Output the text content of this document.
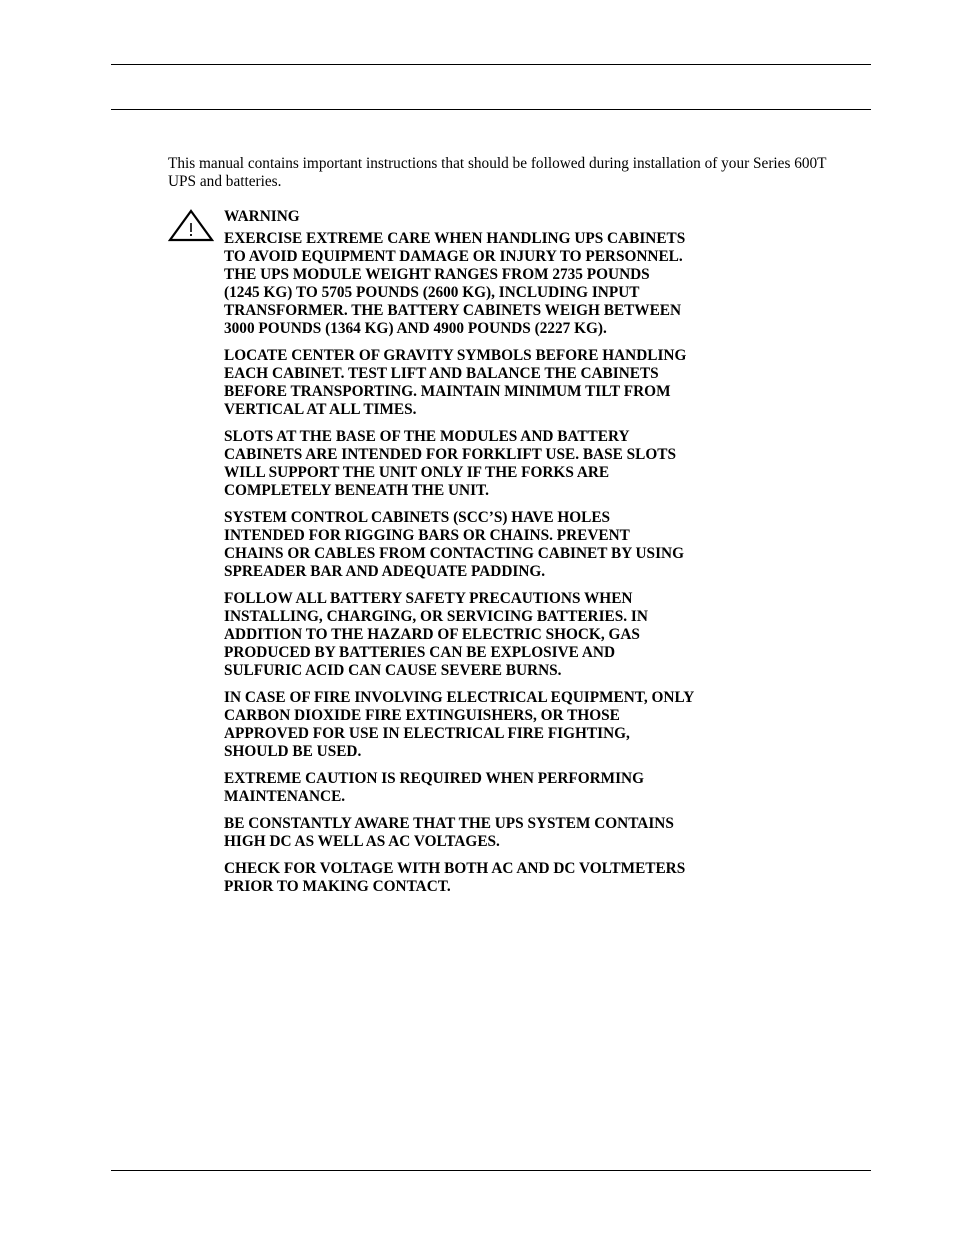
This manual contains important instructions that should be followed during installation of your Series 600T UPS and batteries.

WARNING

EXERCISE EXTREME CARE WHEN HANDLING UPS CABINETS
TO AVOID EQUIPMENT DAMAGE OR INJURY TO PERSONNEL.
THE UPS MODULE WEIGHT RANGES FROM 2735 POUNDS
(1245 KG) TO 5705 POUNDS (2600 KG), INCLUDING INPUT
TRANSFORMER. THE BATTERY CABINETS WEIGH BETWEEN
3000 POUNDS (1364 KG) AND 4900 POUNDS (2227 KG).

LOCATE CENTER OF GRAVITY SYMBOLS BEFORE HANDLING
EACH CABINET. TEST LIFT AND BALANCE THE CABINETS
BEFORE TRANSPORTING. MAINTAIN MINIMUM TILT FROM
VERTICAL AT ALL TIMES.

SLOTS AT THE BASE OF THE MODULES AND BATTERY
CABINETS ARE INTENDED FOR FORKLIFT USE. BASE SLOTS
WILL SUPPORT THE UNIT ONLY IF THE FORKS ARE
COMPLETELY BENEATH THE UNIT.

SYSTEM CONTROL CABINETS (SCC’S) HAVE HOLES
INTENDED FOR RIGGING BARS OR CHAINS. PREVENT
CHAINS OR CABLES FROM CONTACTING CABINET BY USING
SPREADER BAR AND ADEQUATE PADDING.

FOLLOW ALL BATTERY SAFETY PRECAUTIONS WHEN
INSTALLING, CHARGING, OR SERVICING BATTERIES. IN
ADDITION TO THE HAZARD OF ELECTRIC SHOCK, GAS
PRODUCED BY BATTERIES CAN BE EXPLOSIVE AND
SULFURIC ACID CAN CAUSE SEVERE BURNS.

IN CASE OF FIRE INVOLVING ELECTRICAL EQUIPMENT, ONLY
CARBON DIOXIDE FIRE EXTINGUISHERS, OR THOSE
APPROVED FOR USE IN ELECTRICAL FIRE FIGHTING,
SHOULD BE USED.

EXTREME CAUTION IS REQUIRED WHEN PERFORMING
MAINTENANCE.

BE CONSTANTLY AWARE THAT THE UPS SYSTEM CONTAINS
HIGH DC AS WELL AS AC VOLTAGES.

CHECK FOR VOLTAGE WITH BOTH AC AND DC VOLTMETERS
PRIOR TO MAKING CONTACT.
